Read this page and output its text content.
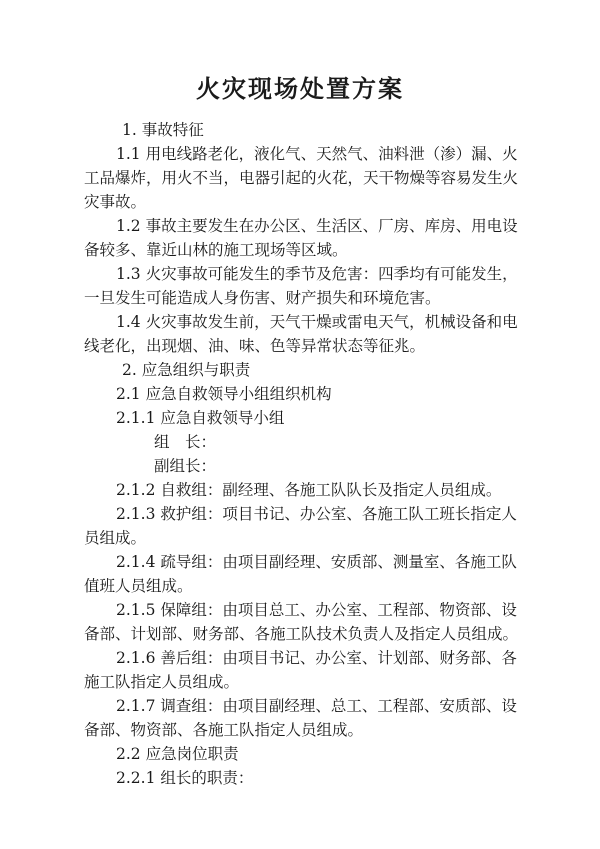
火灾现场处置方案

1. 事故特征

1.1 用电线路老化，液化气、天然气、油料泄（渗）漏、火

工品爆炸，用火不当，电器引起的火花，天干物燥等容易发生火

灾事故。

1.2 事故主要发生在办公区、生活区、厂房、库房、用电设

备较多、靠近山林的施工现场等区域。

1.3 火灾事故可能发生的季节及危害：四季均有可能发生，

一旦发生可能造成人身伤害、财产损失和环境危害。

1.4 火灾事故发生前，天气干燥或雷电天气，机械设备和电

线老化，出现烟、油、味、色等异常状态等征兆。

2. 应急组织与职责

2.1 应急自救领导小组组织机构

2.1.1 应急自救领导小组

组　长：

副组长：

2.1.2 自救组：副经理、各施工队队长及指定人员组成。

2.1.3 救护组：项目书记、办公室、各施工队工班长指定人

员组成。

2.1.4 疏导组：由项目副经理、安质部、测量室、各施工队

值班人员组成。

2.1.5 保障组：由项目总工、办公室、工程部、物资部、设

备部、计划部、财务部、各施工队技术负责人及指定人员组成。

2.1.6 善后组：由项目书记、办公室、计划部、财务部、各

施工队指定人员组成。

2.1.7 调查组：由项目副经理、总工、工程部、安质部、设

备部、物资部、各施工队指定人员组成。

2.2 应急岗位职责

2.2.1 组长的职责：
